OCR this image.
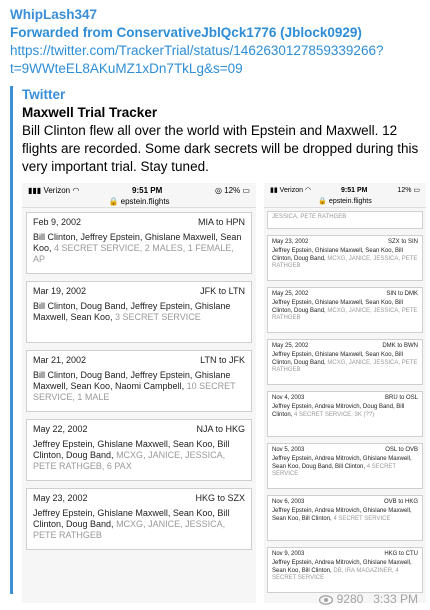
WhipLash347
Forwarded from ConservativeJblQck1776 (Jblock0929)
https://twitter.com/TrackerTrial/status/1462630127859339266?
t=9WWteEL8AKuMZ1xDn7TkLg&s=09
Twitter
Maxwell Trial Tracker
Bill Clinton flew all over the world with Epstein and Maxwell. 12 flights are recorded. Some dark secrets will be dropped during this very important trial. Stay tuned.
▮▮▮ Verizon ◠	9:51 PM	◎ 12% ▭
🔒 epstein.flights
Feb 9, 2002	MIA to HPN
Bill Clinton, Jeffrey Epstein, Ghislane Maxwell, Sean Koo, 4 SECRET SERVICE, 2 MALES, 1 FEMALE, AP
Mar 19, 2002	JFK to LTN
Bill Clinton, Doug Band, Jeffrey Epstein, Ghislane Maxwell, Sean Koo, 3 SECRET SERVICE
Mar 21, 2002	LTN to JFK
Bill Clinton, Doug Band, Jeffrey Epstein, Ghislane Maxwell, Sean Koo, Naomi Campbell, 10 SECRET SERVICE, 1 MALE
May 22, 2002	NJA to HKG
Jeffrey Epstein, Ghislane Maxwell, Sean Koo, Bill Clinton, Doug Band, MCXG, JANICE, JESSICA, PETE RATHGEB, 6 PAX
May 23, 2002	HKG to SZX
Jeffrey Epstein, Ghislane Maxwell, Sean Koo, Bill Clinton, Doug Band, MCXG, JANICE, JESSICA, PETE RATHGEB
▮▮ Verizon ◠	9:51 PM	12% ▭
🔒 epstein.flights
JESSICA, PETE RATHGEB
May 23, 2002	SZX to SIN
Jeffrey Epstein, Ghislane Maxwell, Sean Koo, Bill Clinton, Doug Band, MCXG, JANICE, JESSICA, PETE RATHGEB
May 25, 2002	SIN to DMK
Jeffrey Epstein, Ghislane Maxwell, Sean Koo, Bill Clinton, Doug Band, MCXG, JANICE, JESSICA, PETE RATHGEB
May 25, 2002	DMK to BWN
Jeffrey Epstein, Ghislane Maxwell, Sean Koo, Bill Clinton, Doug Band, MCXG, JANICE, JESSICA, PETE RATHGEB
Nov 4, 2003	BRU to OSL
Jeffrey Epstein, Andrea Mitrovich, Doug Band, Bill Clinton, 4 SECRET SERVICE, 3K (??)
Nov 5, 2003	OSL to OVB
Jeffrey Epstein, Andrea Mitrovich, Ghislane Maxwell, Sean Koo, Doug Band, Bill Clinton, 4 SECRET SERVICE
Nov 6, 2003	OVB to HKG
Jeffrey Epstein, Andrea Mitrovich, Ghislane Maxwell, Sean Koo, Bill Clinton, 4 SECRET SERVICE
Nov 9, 2003	HKG to CTU
Jeffrey Epstein, Andrea Mitrovich, Ghislane Maxwell, Sean Koo, Bill Clinton, DB, IRA MAGAZINER, 4 SECRET SERVICE
9280 3:33 PM
